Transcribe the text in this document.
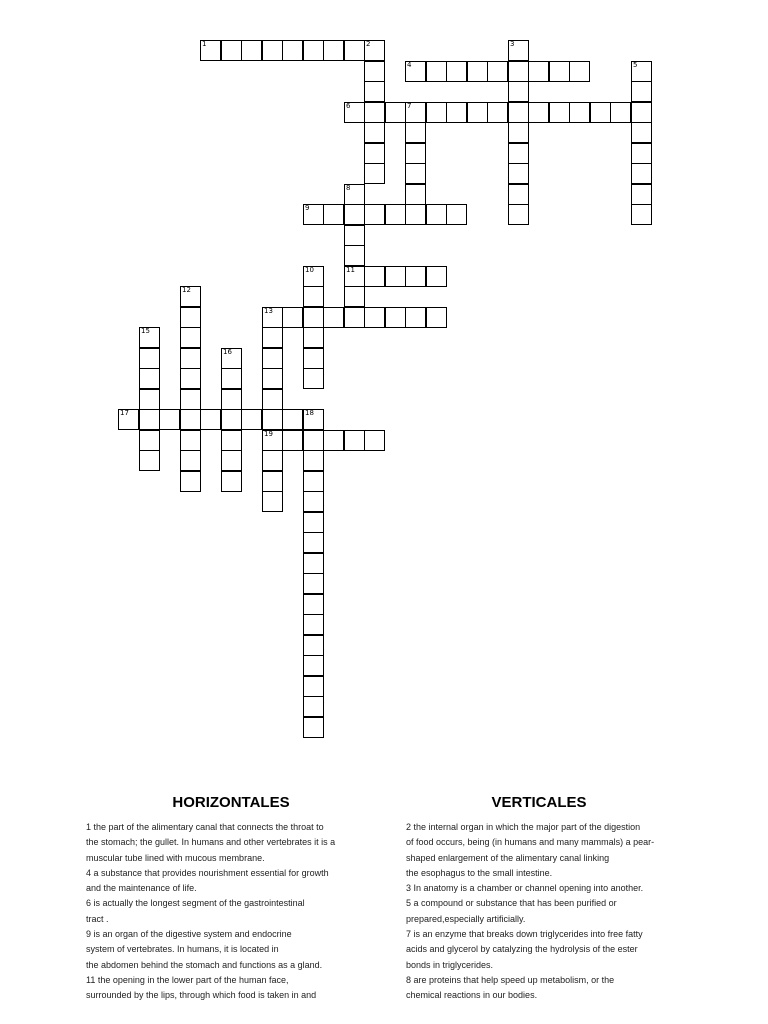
1	2	3
4	5
6	7
8
11
9
10
12
13
19
15
16
17	18
HORIZONTALES	VERTICALES
1 the part of the alimentary canal that connects the throat to
the stomach; the gullet. In humans and other vertebrates it is a
muscular tube lined with mucous membrane.
4 a substance that provides nourishment essential for growth
and the maintenance of life.
6 is actually the longest segment of the gastrointestinal
tract .
9 is an organ of the digestive system and endocrine
system of vertebrates. In humans, it is located in
the abdomen behind the stomach and functions as a gland.
11 the opening in the lower part of the human face,
surrounded by the lips, through which food is taken in and
2 the internal organ in which the major part of the digestion
of food occurs, being (in humans and many mammals) a pear-
shaped enlargement of the alimentary canal linking
the esophagus to the small intestine.
3 In anatomy is a chamber or channel opening into another.
5 a compound or substance that has been purified or
prepared,especially artificially.
7 is an enzyme that breaks down triglycerides into free fatty
acids and glycerol by catalyzing the hydrolysis of the ester
bonds in triglycerides.
8 are proteins that help speed up metabolism, or the
chemical reactions in our bodies.
